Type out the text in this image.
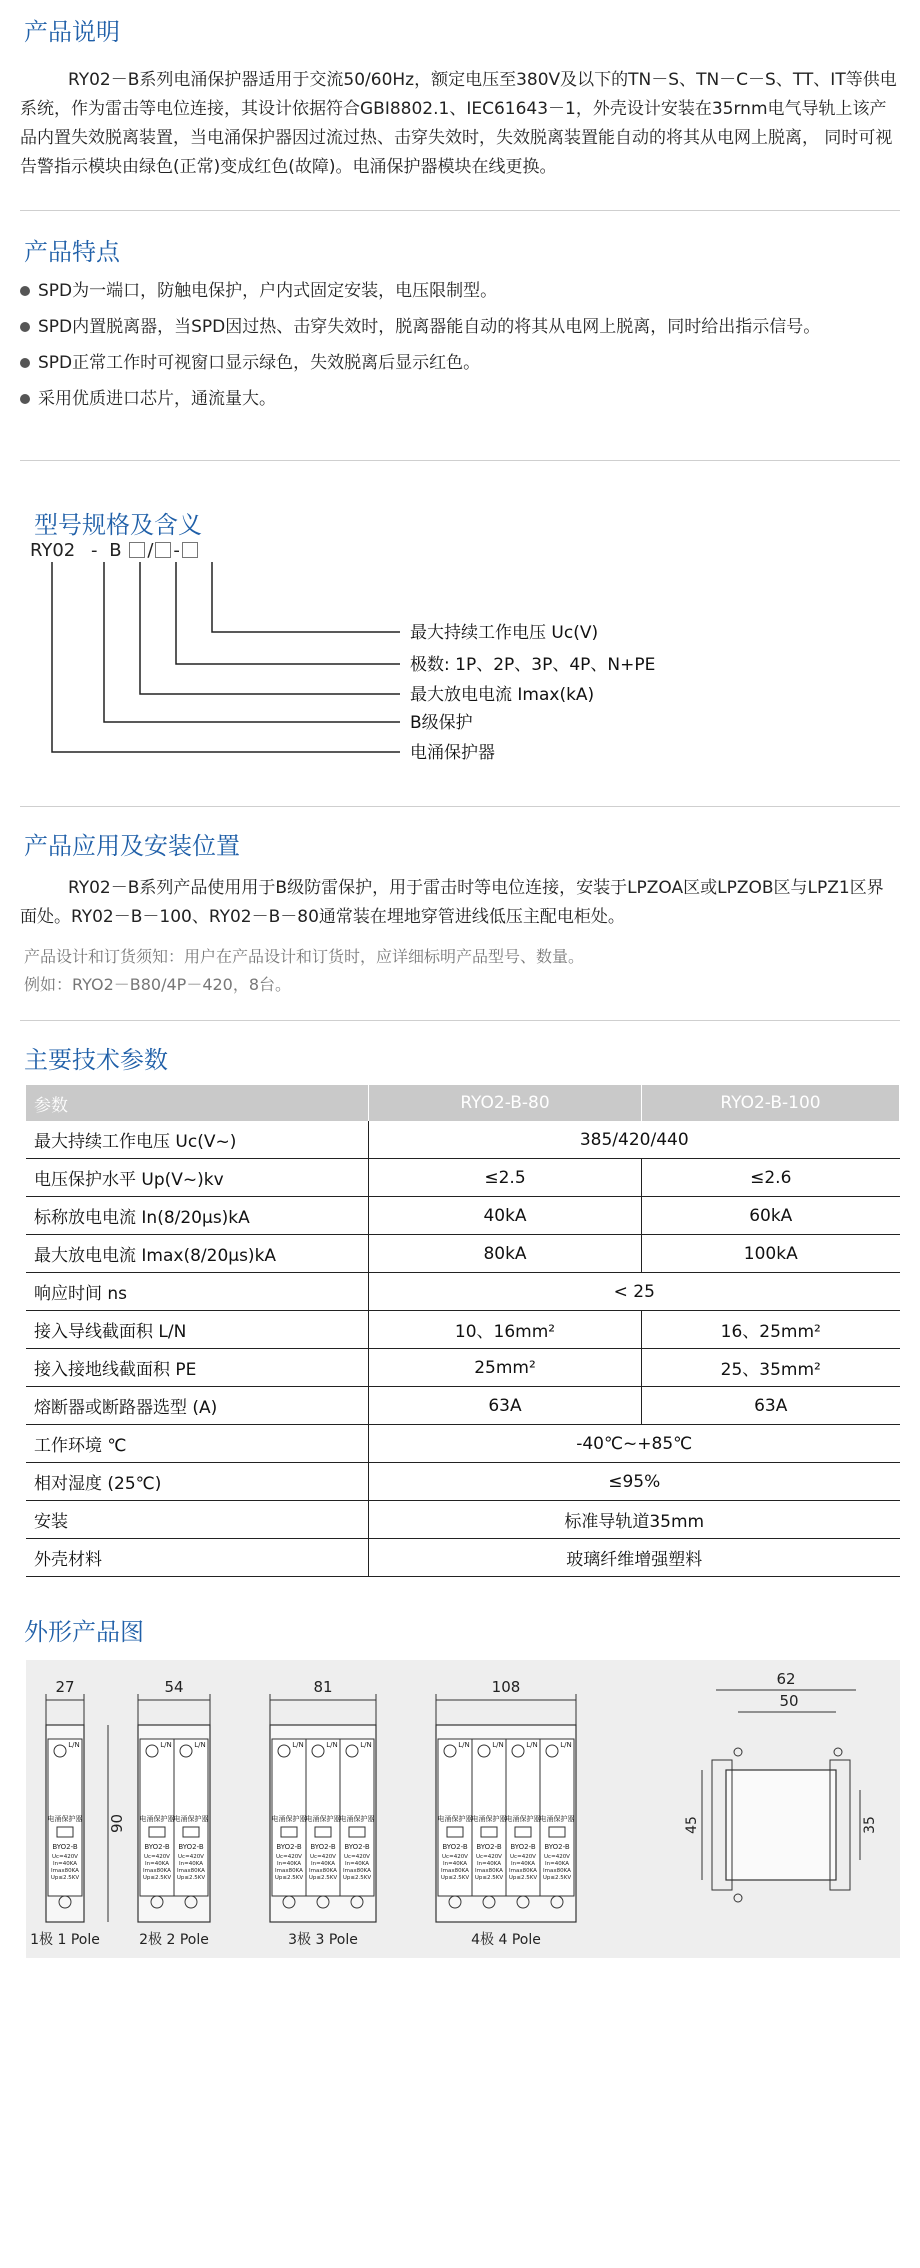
产品说明

RY02－B系列电涌保护器适用于交流50/60Hz，额定电压至380V及以下的TN－S、TN－C－S、TT、IT等供电系统，作为雷击等电位连接，其设计依据符合GBI8802.1、IEC61643－1，外壳设计安装在35rnm电气导轨上该产品内置失效脱离装置，当电涌保护器因过流过热、击穿失效时，失效脱离装置能自动的将其从电网上脱离， 同时可视告警指示模块由绿色(正常)变成红色(故障)。电涌保护器模块在线更换。

产品特点
SPD为一端口，防触电保护，户内式固定安装，电压限制型。
SPD内置脱离器，当SPD因过热、击穿失效时，脱离器能自动的将其从电网上脱离，同时给出指示信号。
SPD正常工作时可视窗口显示绿色，失效脱离后显示红色。
采用优质进口芯片，通流量大。
型号规格及含义
RY02 - B / -
最大持续工作电压 Uc(V)
极数: 1P、2P、3P、4P、N+PE
最大放电电流 Imax(kA)
B级保护
电涌保护器
产品应用及安装位置

RY02－B系列产品使用用于B级防雷保护，用于雷击时等电位连接，安装于LPZOA区或LPZOB区与LPZ1区界面处。RY02－B－100、RY02－B－80通常装在埋地穿管进线低压主配电柜处。

产品设计和订货须知：用户在产品设计和订货时，应详细标明产品型号、数量。

例如：RYO2－B80/4P－420，8台。

主要技术参数
参数	RYO2-B-80	RYO2-B-100
最大持续工作电压 Uc(V~)	385/420/440	
电压保护水平 Up(V~)kv	≤2.5	≤2.6
标称放电电流 In(8/20μs)kA	40kA	60kA
最大放电电流 Imax(8/20μs)kA	80kA	100kA
响应时间 ns	< 25	
接入导线截面积 L/N	10、16mm²	16、25mm²
接入接地线截面积 PE	25mm²	25、35mm²
熔断器或断路器选型 (A)	63A	63A
工作环境 ℃	-40℃~+85℃	
相对湿度 (25℃)	≤95%	
安装	标准导轨道35mm	
外壳材料	玻璃纤维增强塑料	
外形产品图
27
L/N
电涌保护器
BYO2-B
Uc=420V
In=40KA
Imax80KA
Up≤2.5KV
1极 1 Pole
54
L/N
电涌保护器
BYO2-B
Uc=420V
In=40KA
Imax80KA
Up≤2.5KV
L/N
电涌保护器
BYO2-B
Uc=420V
In=40KA
Imax80KA
Up≤2.5KV
2极 2 Pole
81
L/N
电涌保护器
BYO2-B
Uc=420V
In=40KA
Imax80KA
Up≤2.5KV
L/N
电涌保护器
BYO2-B
Uc=420V
In=40KA
Imax80KA
Up≤2.5KV
L/N
电涌保护器
BYO2-B
Uc=420V
In=40KA
Imax80KA
Up≤2.5KV
3极 3 Pole
108
L/N
电涌保护器
BYO2-B
Uc=420V
In=40KA
Imax80KA
Up≤2.5KV
L/N
电涌保护器
BYO2-B
Uc=420V
In=40KA
Imax80KA
Up≤2.5KV
L/N
电涌保护器
BYO2-B
Uc=420V
In=40KA
Imax80KA
Up≤2.5KV
L/N
电涌保护器
BYO2-B
Uc=420V
In=40KA
Imax80KA
Up≤2.5KV
4极 4 Pole
90
62
50
45	35
